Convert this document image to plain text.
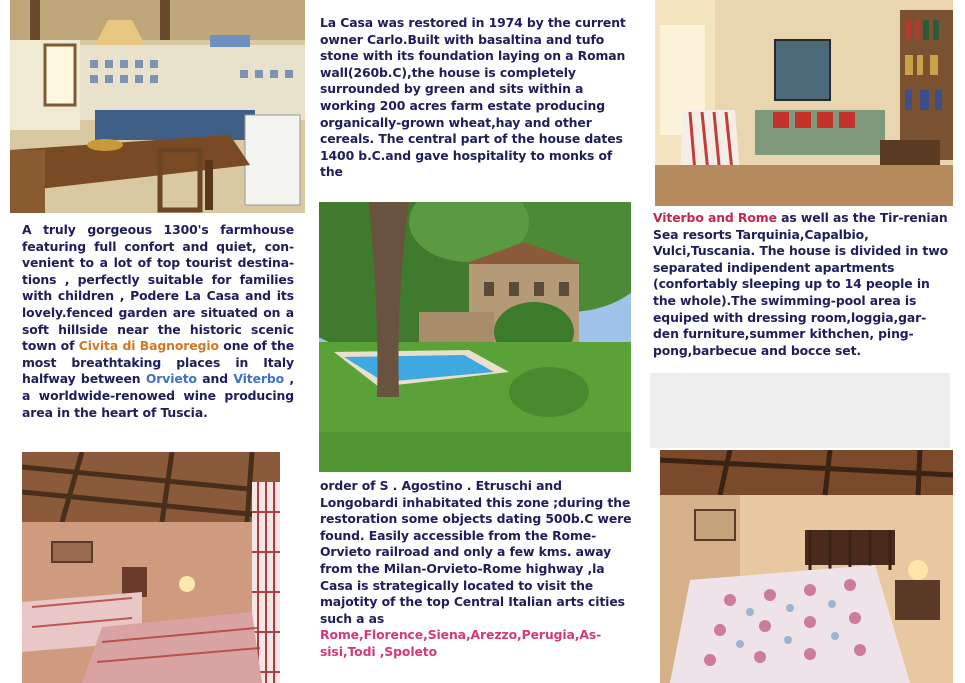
A truly gorgeous 1300's farmhouse featuring full confort and quiet, con-venient to a lot of top tourist destina-tions , perfectly suitable for families with children , Podere La Casa and its lovely.fenced garden are situated on a soft hillside near the historic scenic town of Civita di Bagnoregio one of the most breathtaking places in Italy halfway between Orvieto and Viterbo , a worldwide-renowed wine producing area in the heart of Tuscia.

La Casa was restored in 1974 by the current owner Carlo.Built with basaltina and tufo stone with its foundation laying on a Roman wall(260b.C),the house is completely surrounded by green and sits within a working 200 acres farm estate producing organically-grown wheat,hay and other cereals. The central part of the house dates 1400 b.C.and gave hospitality to monks of the

order of S . Agostino . Etruschi and Longobardi inhabitated this zone ;during the restoration some objects dating 500b.C were found. Easily accessible from the Rome-Orvieto railroad and only a few kms. away from the Milan-Orvieto-Rome highway ,la Casa is strategically located to visit the majotity of the top Central Italian arts cities such a as Rome,Florence,Siena,Arezzo,Perugia,As-sisi,Todi ,Spoleto

Viterbo and Rome as well as the Tir-renian Sea resorts Tarquinia,Capalbio, Vulci,Tuscania. The house is divided in two separated indipendent apartments (confortably sleeping up to 14 people in the whole).The swimming-pool area is equiped with dressing room,loggia,gar-den furniture,summer kithchen, ping-pong,barbecue and bocce set.
